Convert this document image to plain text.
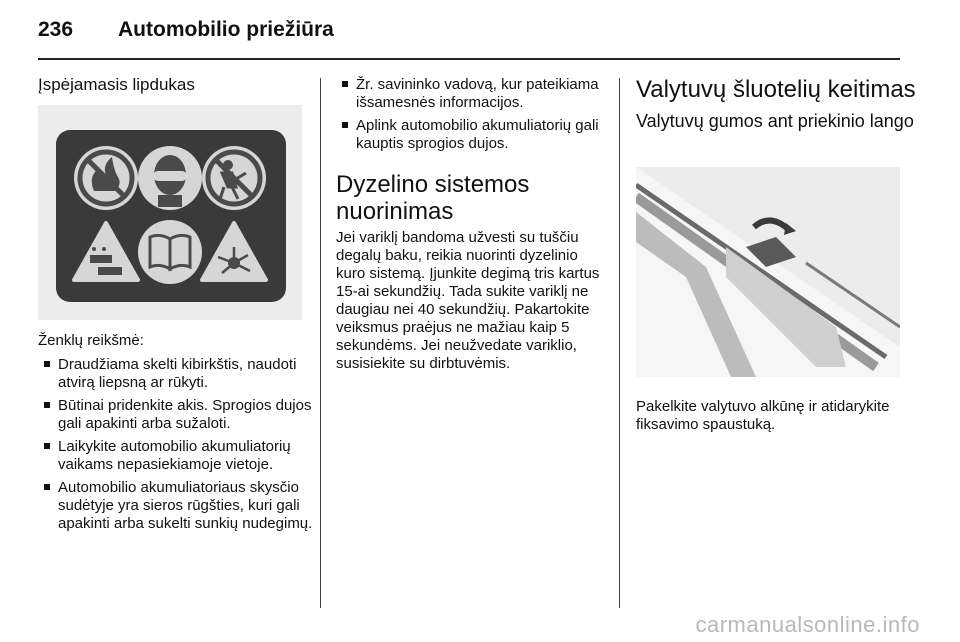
236 Automobilio priežiūra
Įspėjamasis lipdukas
Ženklų reikšmė:
Draudžiama skelti kibirkštis, naudoti atvirą liepsną ar rūkyti.
Būtinai pridenkite akis. Sprogios dujos gali apakinti arba sužaloti.
Laikykite automobilio akumuliatorių vaikams nepasiekiamoje vietoje.
Automobilio akumuliatoriaus skysčio sudėtyje yra sieros rūgšties, kuri gali apakinti arba sukelti sunkių nudegimų.
Žr. savininko vadovą, kur pateikiama išsamesnės informacijos.
Aplink automobilio akumuliatorių gali kauptis sprogios dujos.
Dyzelino sistemos nuorinimas

Jei variklį bandoma užvesti su tuščiu degalų baku, reikia nuorinti dyzelinio kuro sistemą. Įjunkite degimą tris kartus 15-ai sekundžių. Tada sukite variklį ne daugiau nei 40 sekundžių. Pakartokite veiksmus praėjus ne mažiau kaip 5 sekundėms. Jei neužvedate variklio, susisiekite su dirbtuvėmis.

Valytuvų šluotelių keitimas
Valytuvų gumos ant priekinio lango

Pakelkite valytuvo alkūnę ir atidarykite fiksavimo spaustuką.

carmanualsonline.info
